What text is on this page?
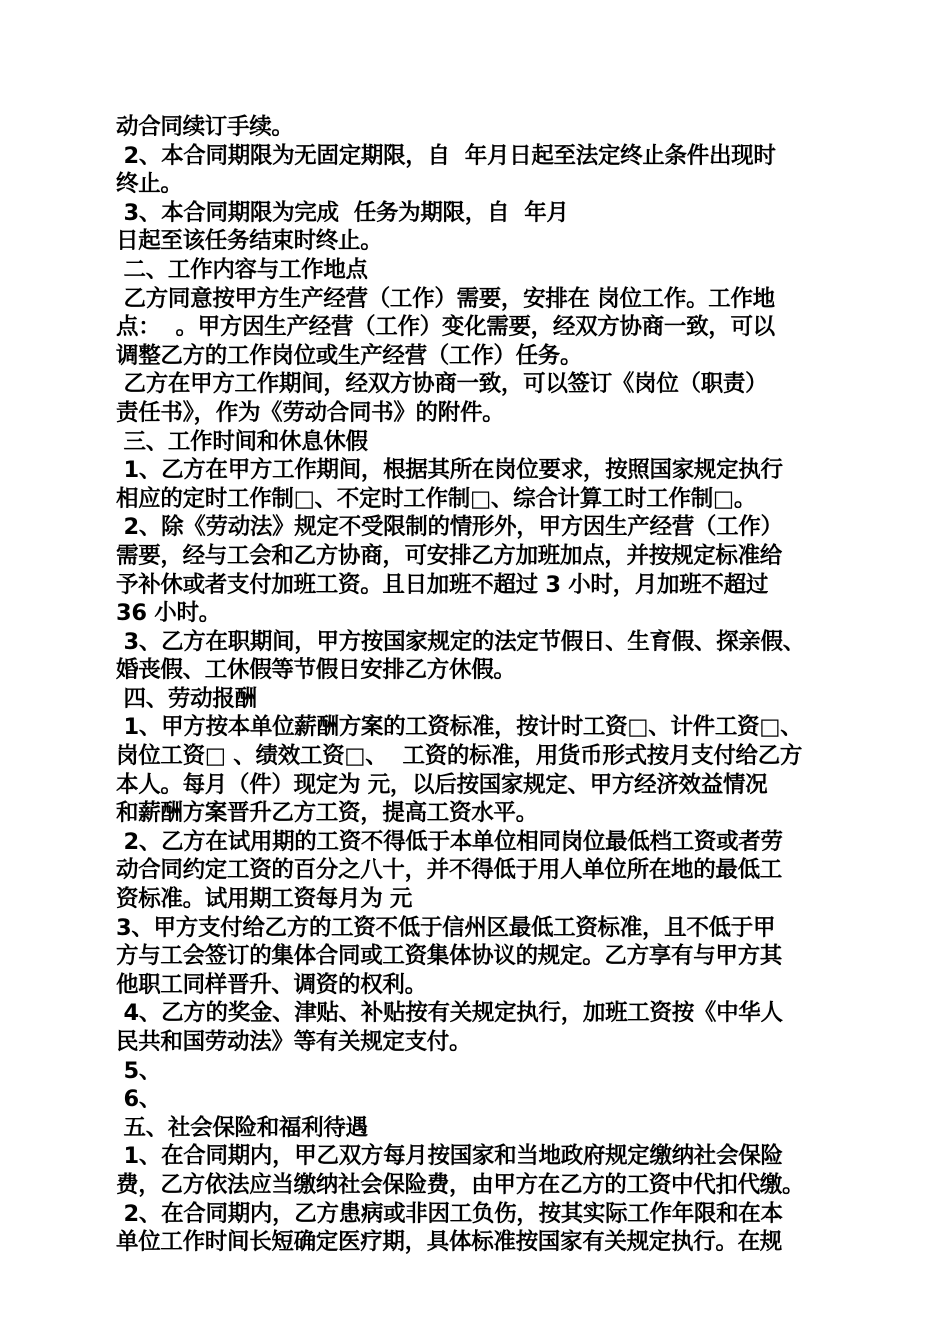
动合同续订手续。
2、本合同期限为无固定期限，自  年月日起至法定终止条件出现时
终止。
3、本合同期限为完成  任务为期限，自  年月
日起至该任务结束时终止。
二、工作内容与工作地点
乙方同意按甲方生产经营（工作）需要，安排在 岗位工作。工作地
点：  。甲方因生产经营（工作）变化需要，经双方协商一致，可以
调整乙方的工作岗位或生产经营（工作）任务。
乙方在甲方工作期间，经双方协商一致，可以签订《岗位（职责）
责任书》，作为《劳动合同书》的附件。
三、工作时间和休息休假
1、乙方在甲方工作期间，根据其所在岗位要求，按照国家规定执行
相应的定时工作制□、不定时工作制□、综合计算工时工作制□。
2、除《劳动法》规定不受限制的情形外，甲方因生产经营（工作）
需要，经与工会和乙方协商，可安排乙方加班加点，并按规定标准给
予补休或者支付加班工资。且日加班不超过 3 小时，月加班不超过
36 小时。
3、乙方在职期间，甲方按国家规定的法定节假日、生育假、探亲假、
婚丧假、工休假等节假日安排乙方休假。
四、劳动报酬
1、甲方按本单位薪酬方案的工资标准，按计时工资□、计件工资□、
岗位工资□ 、绩效工资□、  工资的标准，用货币形式按月支付给乙方
本人。每月（件）现定为 元，以后按国家规定、甲方经济效益情况
和薪酬方案晋升乙方工资，提高工资水平。
2、乙方在试用期的工资不得低于本单位相同岗位最低档工资或者劳
动合同约定工资的百分之八十，并不得低于用人单位所在地的最低工
资标准。试用期工资每月为 元
3、甲方支付给乙方的工资不低于信州区最低工资标准，且不低于甲
方与工会签订的集体合同或工资集体协议的规定。乙方享有与甲方其
他职工同样晋升、调资的权利。
4、乙方的奖金、津贴、补贴按有关规定执行，加班工资按《中华人
民共和国劳动法》等有关规定支付。
5、
6、
五、社会保险和福利待遇
1、在合同期内，甲乙双方每月按国家和当地政府规定缴纳社会保险
费，乙方依法应当缴纳社会保险费，由甲方在乙方的工资中代扣代缴。
2、在合同期内，乙方患病或非因工负伤，按其实际工作年限和在本
单位工作时间长短确定医疗期，具体标准按国家有关规定执行。在规
